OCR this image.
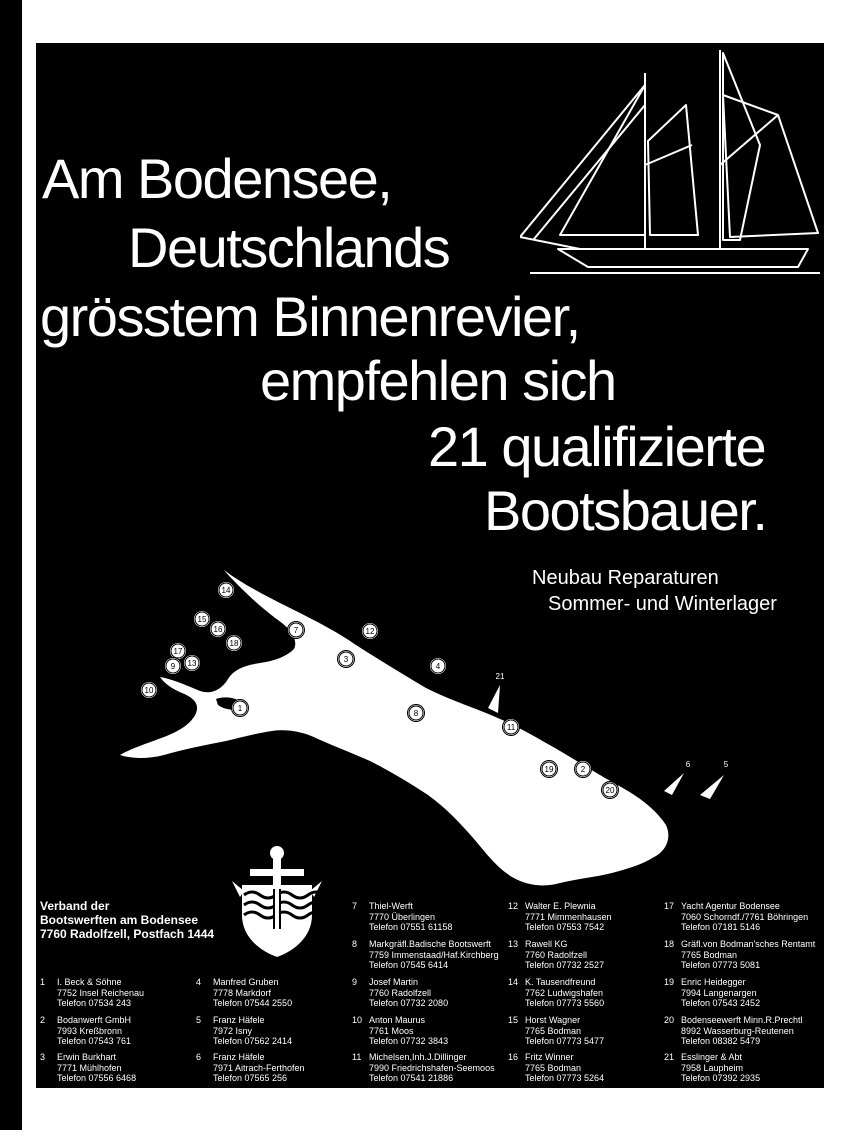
Am Bodensee,
Deutschlands
grösstem Binnenrevier,
empfehlen sich
21 qualifizierte
Bootsbauer.
Neubau Reparaturen
Sommer- und Winterlager
21
6	5
14
15
16
18
7	12
17
9 13	3
4
10
1
8
11
19	2
20
Verband der
Bootswerften am Bodensee
7760 Radolfzell, Postfach 1444
1 I. Beck & Söhne
7752 Insel Reichenau
Telefon 07534 243
2 Bodanwerft GmbH
7993 Kreßbronn
Telefon 07543 761
3 Erwin Burkhart
7771 Mühlhofen
Telefon 07556 6468
4 Manfred Gruben
7778 Markdorf
Telefon 07544 2550
5 Franz Häfele
7972 Isny
Telefon 07562 2414
6 Franz Häfele
7971 Aitrach-Ferthofen
Telefon 07565 256
7 Thiel-Werft
7770 Überlingen
Telefon 07551 61158
8 Markgräfl.Badische Bootswerft
7759 Immenstaad/Haf.Kirchberg
Telefon 07545 6414
9 Josef Martin
7760 Radolfzell
Telefon 07732 2080
10 Anton Maurus
7761 Moos
Telefon 07732 3843
11 Michelsen,Inh.J.Dillinger
7990 Friedrichshafen-Seemoos
Telefon 07541 21886
12 Walter E. Plewnia
7771 Mimmenhausen
Telefon 07553 7542
13 Rawell KG
7760 Radolfzell
Telefon 07732 2527
14 K. Tausendfreund
7762 Ludwigshafen
Telefon 07773 5560
15 Horst Wagner
7765 Bodman
Telefon 07773 5477
16 Fritz Winner
7765 Bodman
Telefon 07773 5264
17 Yacht Agentur Bodensee
7060 Schorndf./7761 Böhringen
Telefon 07181 5146
18 Gräfl.von Bodman'sches Rentamt
7765 Bodman
Telefon 07773 5081
19 Enric Heidegger
7994 Langenargen
Telefon 07543 2452
20 Bodenseewerft Minn.R.Prechtl
8992 Wasserburg-Reutenen
Telefon 08382 5479
21 Esslinger & Abt
7958 Laupheim
Telefon 07392 2935
